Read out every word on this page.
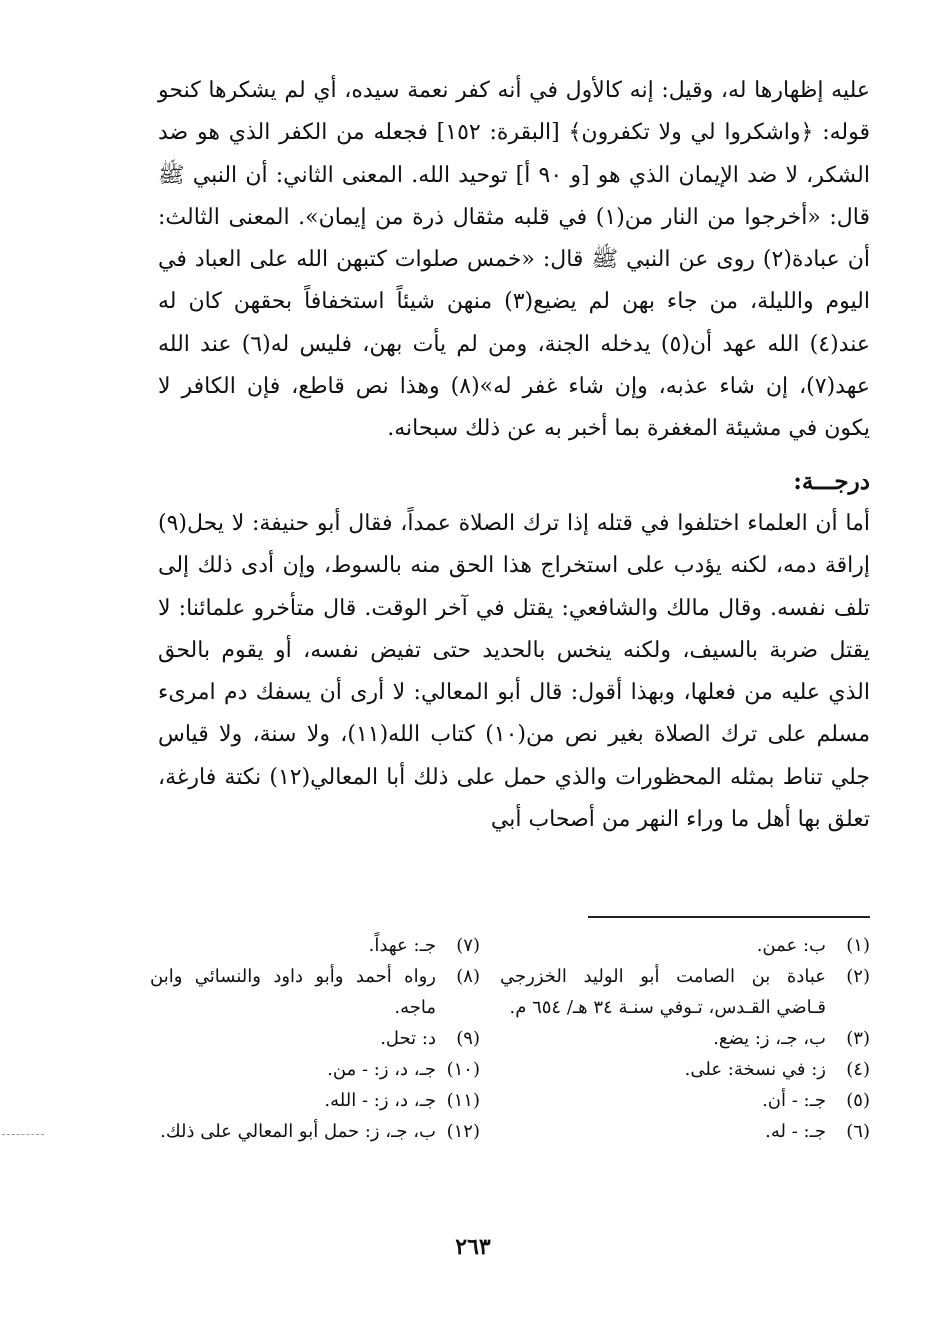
عليه إظهارها له، وقيل: إنه كالأول في أنه كفر نعمة سيده، أي لم يشكرها كنحو قوله: ﴿واشكروا لي ولا تكفرون﴾ [البقرة: ١٥٢] فجعله من الكفر الذي هو ضد الشكر، لا ضد الإيمان الذي هو [و ٩٠ أ] توحيد الله. المعنى الثاني: أن النبي ﷺ قال: «أخرجوا من النار من(١) في قلبه مثقال ذرة من إيمان». المعنى الثالث: أن عبادة(٢) روى عن النبي ﷺ قال: «خمس صلوات كتبهن الله على العباد في اليوم والليلة، من جاء بهن لم يضيع(٣) منهن شيئاً استخفافاً بحقهن كان له عند(٤) الله عهد أن(٥) يدخله الجنة، ومن لم يأت بهن، فليس له(٦) عند الله عهد(٧)، إن شاء عذبه، وإن شاء غفر له»(٨) وهذا نص قاطع، فإن الكافر لا يكون في مشيئة المغفرة بما أخبر به عن ذلك سبحانه.

درجـــة:

أما أن العلماء اختلفوا في قتله إذا ترك الصلاة عمداً، فقال أبو حنيفة: لا يحل(٩) إراقة دمه، لكنه يؤدب على استخراج هذا الحق منه بالسوط، وإن أدى ذلك إلى تلف نفسه. وقال مالك والشافعي: يقتل في آخر الوقت. قال متأخرو علمائنا: لا يقتل ضربة بالسيف، ولكنه ينخس بالحديد حتى تفيض نفسه، أو يقوم بالحق الذي عليه من فعلها، وبهذا أقول: قال أبو المعالي: لا أرى أن يسفك دم امرىء مسلم على ترك الصلاة بغير نص من(١٠) كتاب الله(١١)، ولا سنة، ولا قياس جلي تناط بمثله المحظورات والذي حمل على ذلك أبا المعالي(١٢) نكتة فارغة، تعلق بها أهل ما وراء النهر من أصحاب أبي

(١)
ب: عمن.
(٢)
عبادة بن الصامت أبو الوليد الخزرجي قـاضي القـدس، تـوفي سنـة ٣٤ هـ/ ٦٥٤ م.
(٣)
ب، جـ، ز: يضع.
(٤)
ز: في نسخة: على.
(٥)
جـ: - أن.
(٦)
جـ: - له.
(٧)
جـ: عهداً.
(٨)
رواه أحمد وأبو داود والنسائي وابن ماجه.
(٩)
د: تحل.
(١٠)
جـ، د، ز: - من.
(١١)
جـ، د، ز: - الله.
(١٢)
ب، جـ، ز: حمل أبو المعالي على ذلك.
٢٦٣
